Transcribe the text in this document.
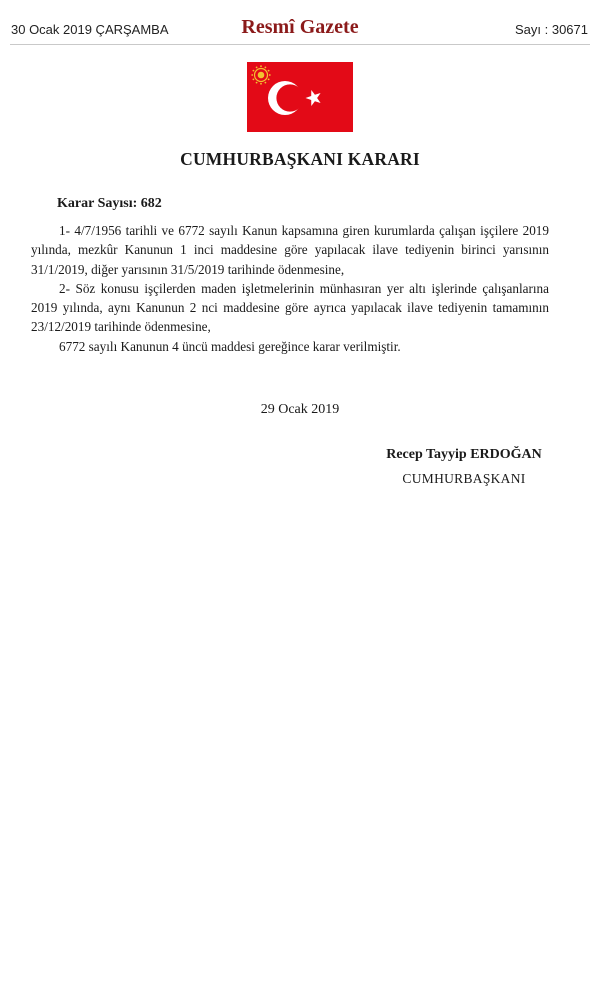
30 Ocak 2019 ÇARŞAMBA	Resmî Gazete	Sayı : 30671
CUMHURBAŞKANI KARARI
Karar Sayısı: 682

1- 4/7/1956 tarihli ve 6772 sayılı Kanun kapsamına giren kurumlarda çalışan işçilere 2019 yılında, mezkûr Kanunun 1 inci maddesine göre yapılacak ilave tediyenin birinci yarısının 31/1/2019, diğer yarısının 31/5/2019 tarihinde ödenmesine,

2- Söz konusu işçilerden maden işletmelerinin münhasıran yer altı işlerinde çalışanlarına 2019 yılında, aynı Kanunun 2 nci maddesine göre ayrıca yapılacak ilave tediyenin tamamının 23/12/2019 tarihinde ödenmesine,

6772 sayılı Kanunun 4 üncü maddesi gereğince karar verilmiştir.

29 Ocak 2019
Recep Tayyip ERDOĞAN
CUMHURBAŞKANI
